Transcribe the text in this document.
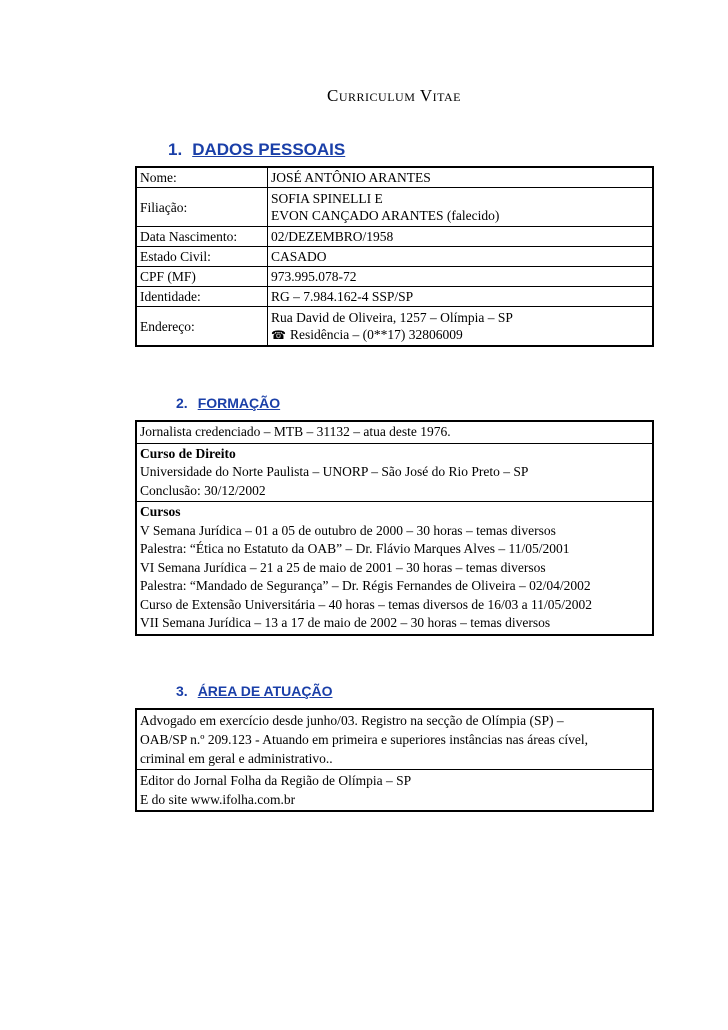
Curriculum Vitae
1. DADOS PESSOAIS
Nome:	JOSÉ ANTÔNIO ARANTES
Filiação:	SOFIA SPINELLI E
EVON CANÇADO ARANTES (falecido)

Data Nascimento:	02/DEZEMBRO/1958
Estado Civil:	CASADO
CPF (MF)	973.995.078-72
Identidade:	RG – 7.984.162-4 SSP/SP
Endereço:	Rua David de Oliveira, 1257 – Olímpia – SP
☎ Residência – (0**17) 32806009
2. FORMAÇÃO
Jornalista credenciado – MTB – 31132 – atua deste 1976.
Curso de Direito
Universidade do Norte Paulista – UNORP – São José do Rio Preto – SP
Conclusão: 30/12/2002
Cursos
V Semana Jurídica – 01 a 05 de outubro de 2000 – 30 horas – temas diversos
Palestra: “Ética no Estatuto da OAB” – Dr. Flávio Marques Alves – 11/05/2001
VI Semana Jurídica – 21 a 25 de maio de 2001 – 30 horas – temas diversos
Palestra: “Mandado de Segurança” – Dr. Régis Fernandes de Oliveira – 02/04/2002
Curso de Extensão Universitária – 40 horas – temas diversos de 16/03 a 11/05/2002
VII Semana Jurídica – 13 a 17 de maio de 2002 – 30 horas – temas diversos
3. ÁREA DE ATUAÇÃO
Advogado em exercício desde junho/03. Registro na secção de Olímpia (SP) –
OAB/SP n.º 209.123 - Atuando em primeira e superiores instâncias nas áreas cível,
criminal em geral e administrativo..
Editor do Jornal Folha da Região de Olímpia – SP
E do site www.ifolha.com.br
